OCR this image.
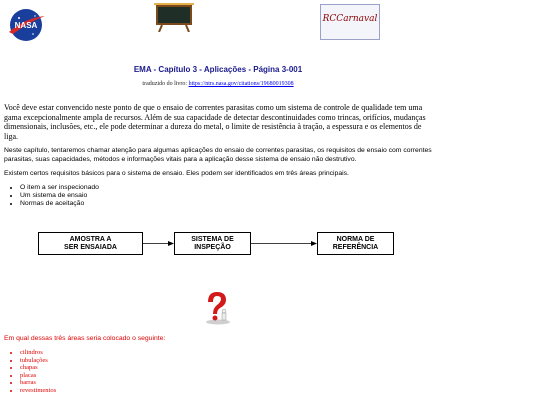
NASA
RCCarnaval
EMA - Capítulo 3 - Aplicações - Página 3-001
traduzido do livro: https://ntrs.nasa.gov/citations/19680019308
Você deve estar convencido neste ponto de que o ensaio de correntes parasitas como um sistema de controle de qualidade tem uma gama excepcionalmente ampla de recursos. Além de sua capacidade de detectar descontinuidades como trincas, orifícios, mudanças dimensionais, inclusões, etc., ele pode determinar a dureza do metal, o limite de resistência à tração, a espessura e os elementos de liga.
Neste capítulo, tentaremos chamar atenção para algumas aplicações do ensaio de correntes parasitas, os requisitos de ensaio com correntes parasitas, suas capacidades, métodos e informações vitais para a aplicação desse sistema de ensaio não destrutivo.
Existem certos requisitos básicos para o sistema de ensaio. Eles podem ser identificados em três áreas principais.
• O item a ser inspecionado
• Um sistema de ensaio
• Normas de aceitação
AMOSTRA A
SER ENSAIADA
SISTEMA DE
INSPEÇÃO
NORMA DE
REFERÊNCIA
Em qual dessas três áreas seria colocado o seguinte:
• cilindros
• tubulações
• chapas
• placas
• barras
• revestimentos
